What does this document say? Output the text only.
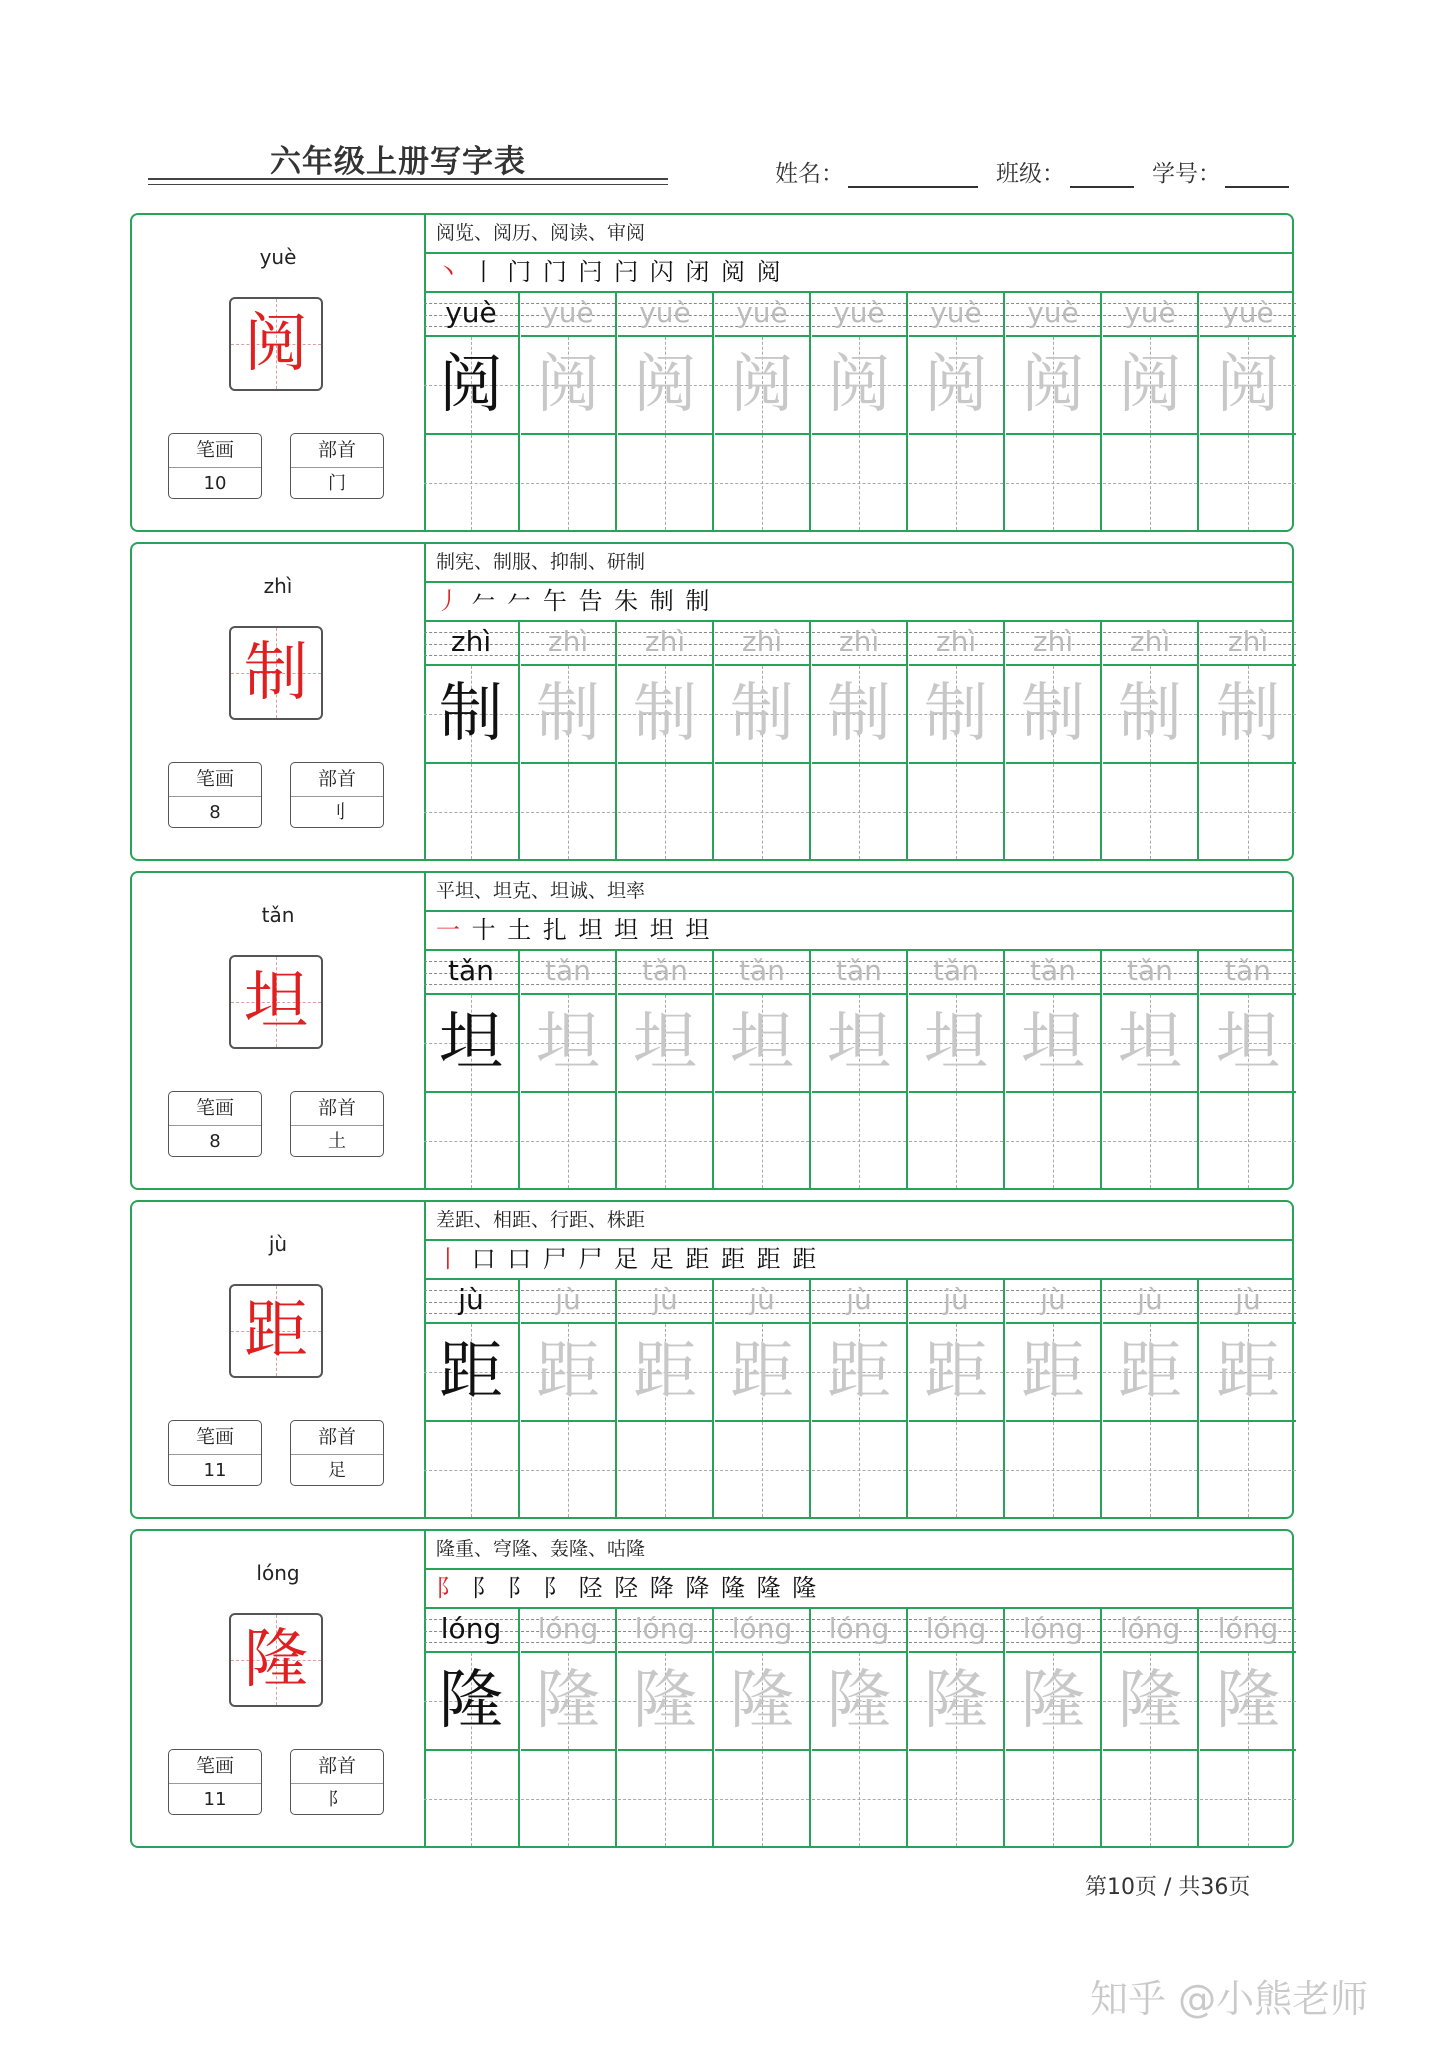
六年级上册写字表	姓名：	班级：	学号：
yuè
阅
笔画
10
部首
门
阅览、阅历、阅读、审阅
丶 丨 门 门 闩 闩 闪 闭 阅 阅
yuè
阅
yuè
阅
yuè
阅
yuè
阅
yuè
阅
yuè
阅
yuè
阅
yuè
阅
yuè
阅
zhì
制
笔画
8
部首
刂
制宪、制服、抑制、研制
丿 𠂉 𠂉 午 告 朱 制 制
zhì
制
zhì
制
zhì
制
zhì
制
zhì
制
zhì
制
zhì
制
zhì
制
zhì
制
tǎn
坦
笔画
8
部首
土
平坦、坦克、坦诚、坦率
一 十 土 扎 坦 坦 坦 坦
tǎn
坦
tǎn
坦
tǎn
坦
tǎn
坦
tǎn
坦
tǎn
坦
tǎn
坦
tǎn
坦
tǎn
坦
jù
距
笔画
11
部首
足
差距、相距、行距、株距
丨 口 口 尸 尸 足 足 距 距 距 距
jù
距
jù
距
jù
距
jù
距
jù
距
jù
距
jù
距
jù
距
jù
距
lóng
隆
笔画
11
部首
阝
隆重、穹隆、轰隆、咕隆
阝 阝 阝 阝 陉 陉 降 降 隆 隆 隆
lóng
隆
lóng
隆
lóng
隆
lóng
隆
lóng
隆
lóng
隆
lóng
隆
lóng
隆
lóng
隆
第10页 / 共36页
知乎 @小熊老师
